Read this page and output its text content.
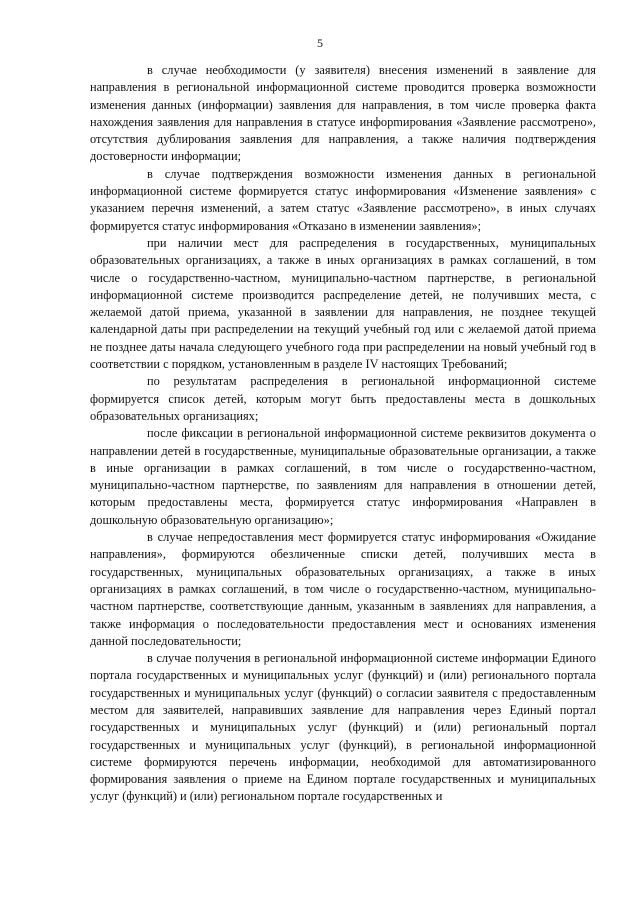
5

в случае необходимости (у заявителя) внесения изменений в заявление для направления в региональной информационной системе проводится проверка возможности изменения данных (информации) заявления для направления, в том числе проверка факта нахождения заявления для направления в статусе инфорmирования «Заявление рассмотрено», отсутствия дублирования заявления для направления, а также наличия подтверждения достоверности информации;

в случае подтверждения возможности изменения данных в региональной информационной системе формируется статус информирования «Изменение заявления» с указанием перечня изменений, а затем статус «Заявление рассмотрено», в иных случаях формируется статус информирования «Отказано в изменении заявления»;

при наличии мест для распределения в государственных, муниципальных образовательных организациях, а также в иных организациях в рамках соглашений, в том числе о государственно-частном, муниципально-частном партнерстве, в региональной информационной системе производится распределение детей, не получивших места, с желаемой датой приема, указанной в заявлении для направления, не позднее текущей календарной даты при распределении на текущий учебный год или с желаемой датой приема не позднее даты начала следующего учебного года при распределении на новый учебный год в соответствии с порядком, установленным в разделе IV настоящих Требований;

по результатам распределения в региональной информационной системе формируется список детей, которым могут быть предоставлены места в дошкольных образовательных организациях;

после фиксации в региональной информационной системе реквизитов документа о направлении детей в государственные, муниципальные образовательные организации, а также в иные организации в рамках соглашений, в том числе о государственно-частном, муниципально-частном партнерстве, по заявлениям для направления в отношении детей, которым предоставлены места, формируется статус информирования «Направлен в дошкольную образовательную организацию»;

в случае непредоставления мест формируется статус информирования «Ожидание направления», формируются обезличенные списки детей, получивших места в государственных, муниципальных образовательных организациях, а также в иных организациях в рамках соглашений, в том числе о государственно-частном, муниципально-частном партнерстве, соответствующие данным, указанным в заявлениях для направления, а также информация о последовательности предоставления мест и основаниях изменения данной последовательности;

в случае получения в региональной информационной системе информации Единого портала государственных и муниципальных услуг (функций) и (или) регионального портала государственных и муниципальных услуг (функций) о согласии заявителя с предоставленным местом для заявителей, направивших заявление для направления через Единый портал государственных и муниципальных услуг (функций) и (или) региональный портал государственных и муниципальных услуг (функций), в региональной информационной системе формируются перечень информации, необходимой для автоматизированного формирования заявления о приеме на Едином портале государственных и муниципальных услуг (функций) и (или) региональном портале государственных и
